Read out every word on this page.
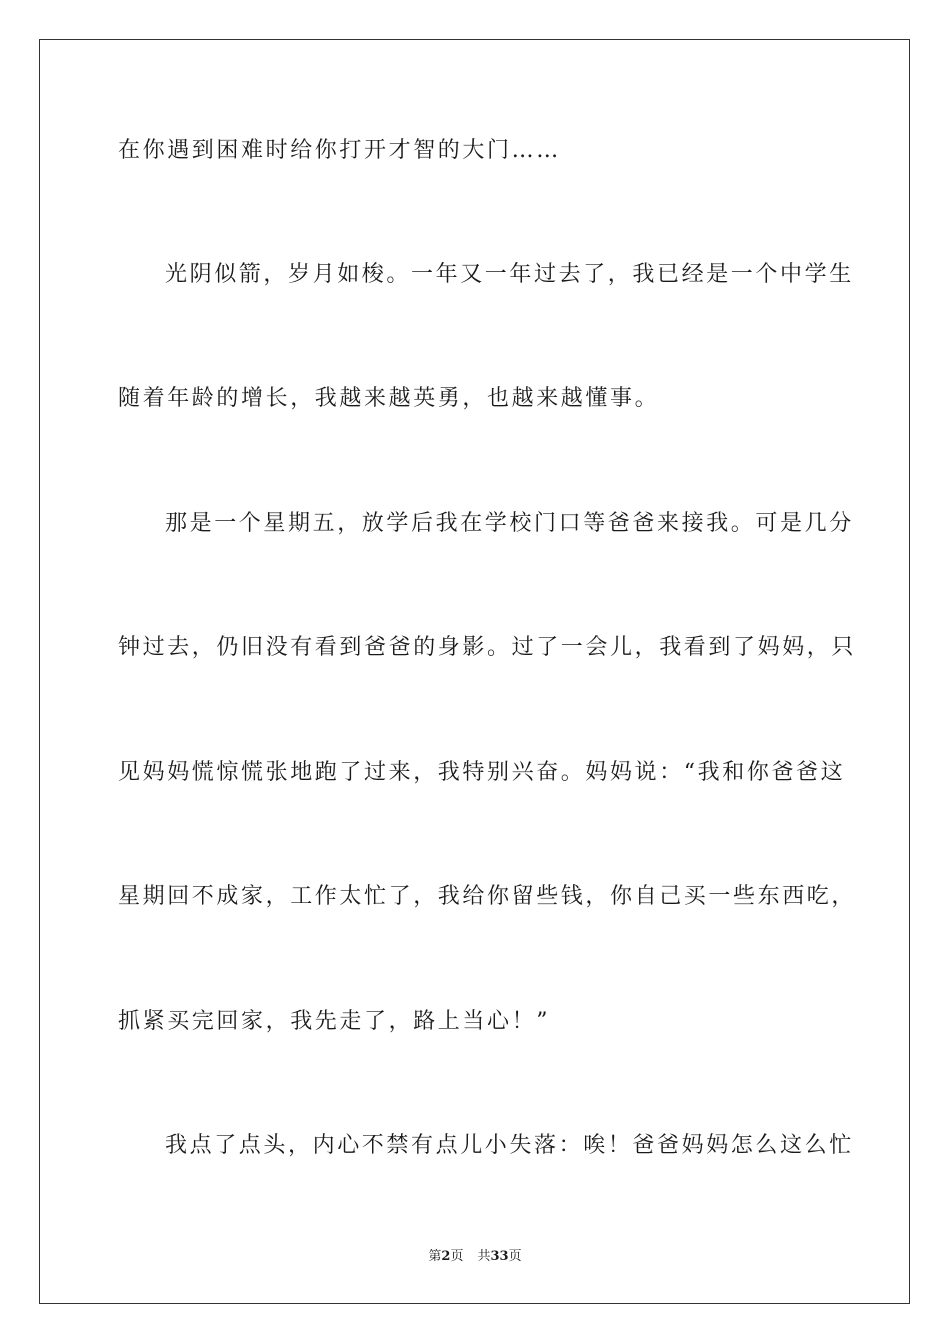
在你遇到困难时给你打开才智的大门……
光阴似箭，岁月如梭。一年又一年过去了，我已经是一个中学生
随着年龄的增长，我越来越英勇，也越来越懂事。
那是一个星期五，放学后我在学校门口等爸爸来接我。可是几分
钟过去，仍旧没有看到爸爸的身影。过了一会儿，我看到了妈妈，只
见妈妈慌惊慌张地跑了过来，我特别兴奋。妈妈说：“我和你爸爸这
星期回不成家，工作太忙了，我给你留些钱，你自己买一些东西吃，
抓紧买完回家，我先走了，路上当心！”
我点了点头，内心不禁有点儿小失落：唉！爸爸妈妈怎么这么忙
第2页 共33页
